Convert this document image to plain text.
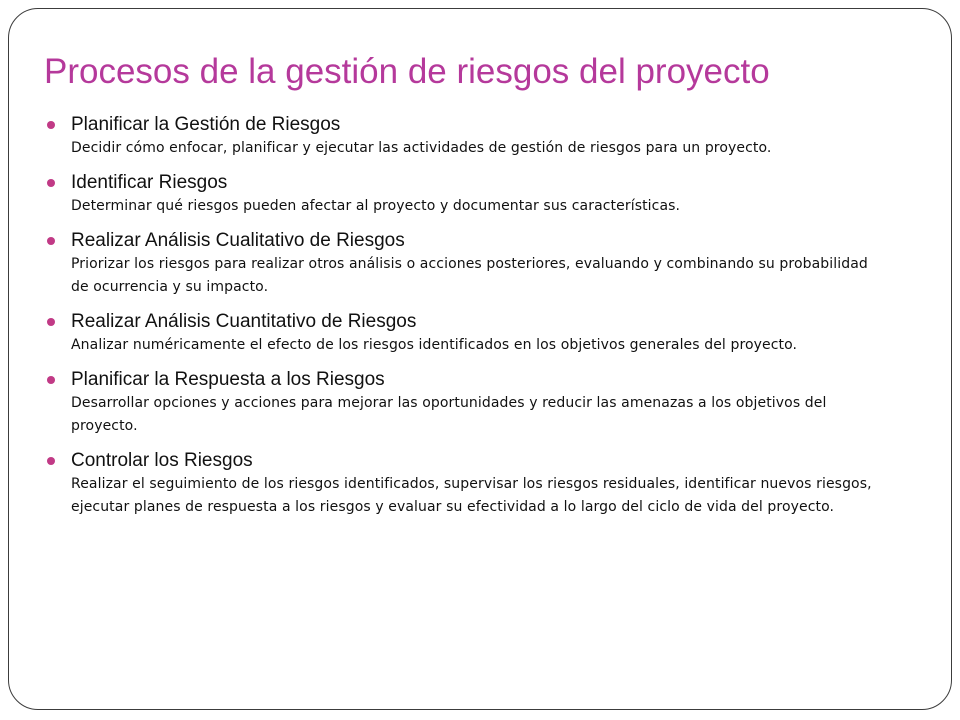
Procesos de la gestión de riesgos del proyecto
Planificar la Gestión de Riesgos
Decidir cómo enfocar, planificar y ejecutar las actividades de gestión de riesgos para un proyecto.
Identificar Riesgos
Determinar qué riesgos pueden afectar al proyecto y documentar sus características.
Realizar Análisis Cualitativo de Riesgos
Priorizar los riesgos para realizar otros análisis o acciones posteriores, evaluando y combinando su probabilidad de ocurrencia y su impacto.
Realizar Análisis Cuantitativo de Riesgos
Analizar numéricamente el efecto de los riesgos identificados en los objetivos generales del proyecto.
Planificar la Respuesta a los Riesgos
Desarrollar opciones y acciones para mejorar las oportunidades y reducir las amenazas a los objetivos del proyecto.
Controlar los Riesgos
Realizar el seguimiento de los riesgos identificados, supervisar los riesgos residuales, identificar nuevos riesgos, ejecutar planes de respuesta a los riesgos y evaluar su efectividad a lo largo del ciclo de vida del proyecto.
